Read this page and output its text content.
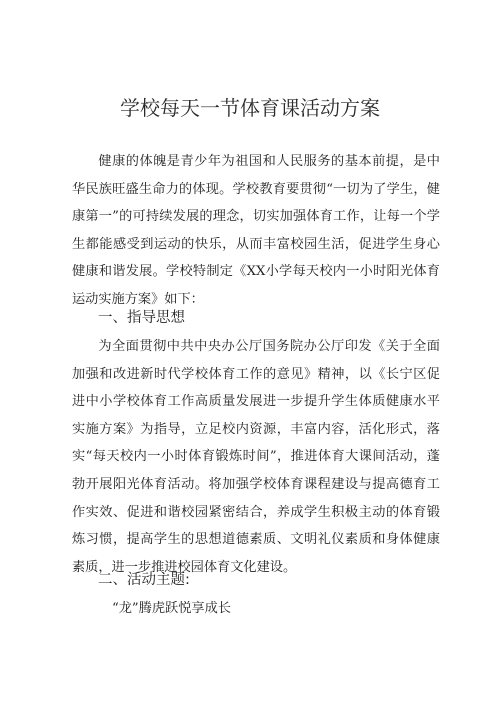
学校每天一节体育课活动方案

健康的体魄是青少年为祖国和人民服务的基本前提，是中华民族旺盛生命力的体现。学校教育要贯彻“一切为了学生，健康第一”的可持续发展的理念，切实加强体育工作，让每一个学生都能感受到运动的快乐，从而丰富校园生活，促进学生身心健康和谐发展。学校特制定《XX小学每天校内一小时阳光体育运动实施方案》如下：

一、指导思想

为全面贯彻中共中央办公厅国务院办公厅印发《关于全面加强和改进新时代学校体育工作的意见》精神，以《长宁区促进中小学校体育工作高质量发展进一步提升学生体质健康水平实施方案》为指导，立足校内资源，丰富内容，活化形式，落实“每天校内一小时体育锻炼时间”，推进体育大课间活动，蓬勃开展阳光体育活动。将加强学校体育课程建设与提高德育工作实效、促进和谐校园紧密结合，养成学生积极主动的体育锻炼习惯，提高学生的思想道德素质、文明礼仪素质和身体健康素质，进一步推进校园体育文化建设。

二、活动主题:

“龙”腾虎跃悦享成长
